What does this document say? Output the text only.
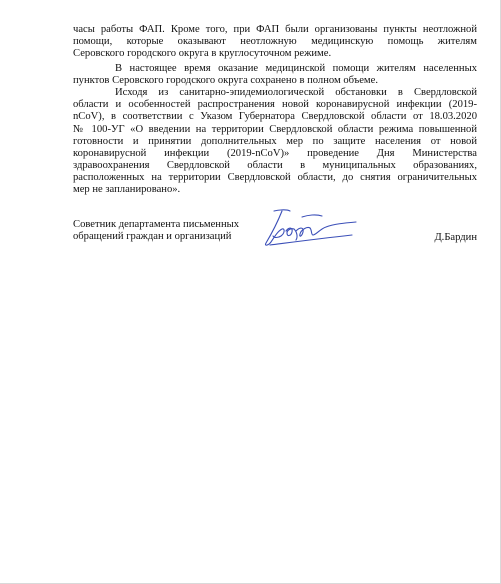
часы работы ФАП. Кроме того, при ФАП были организованы пункты неотложной
помощи, которые оказывают неотложную медицинскую помощь жителям
Серовского городского округа в круглосуточном режиме.
В настоящее время оказание медицинской помощи жителям населенных
пунктов Серовского городского округа сохранено в полном объеме.
Исходя из санитарно-эпидемиологической обстановки в Свердловской
области и особенностей распространения новой коронавирусной инфекции (2019-
nCoV), в соответствии с Указом Губернатора Свердловской области от 18.03.2020
№ 100-УГ «О введении на территории Свердловской области режима повышенной
готовности и принятии дополнительных мер по защите населения от новой
коронавирусной инфекции (2019-nCoV)» проведение Дня Министерства
здравоохранения Свердловской области в муниципальных образованиях,
расположенных на территории Свердловской области, до снятия ограничительных
мер не запланировано».
Советник департамента письменных
обращений граждан и организаций	Д.Бардин
